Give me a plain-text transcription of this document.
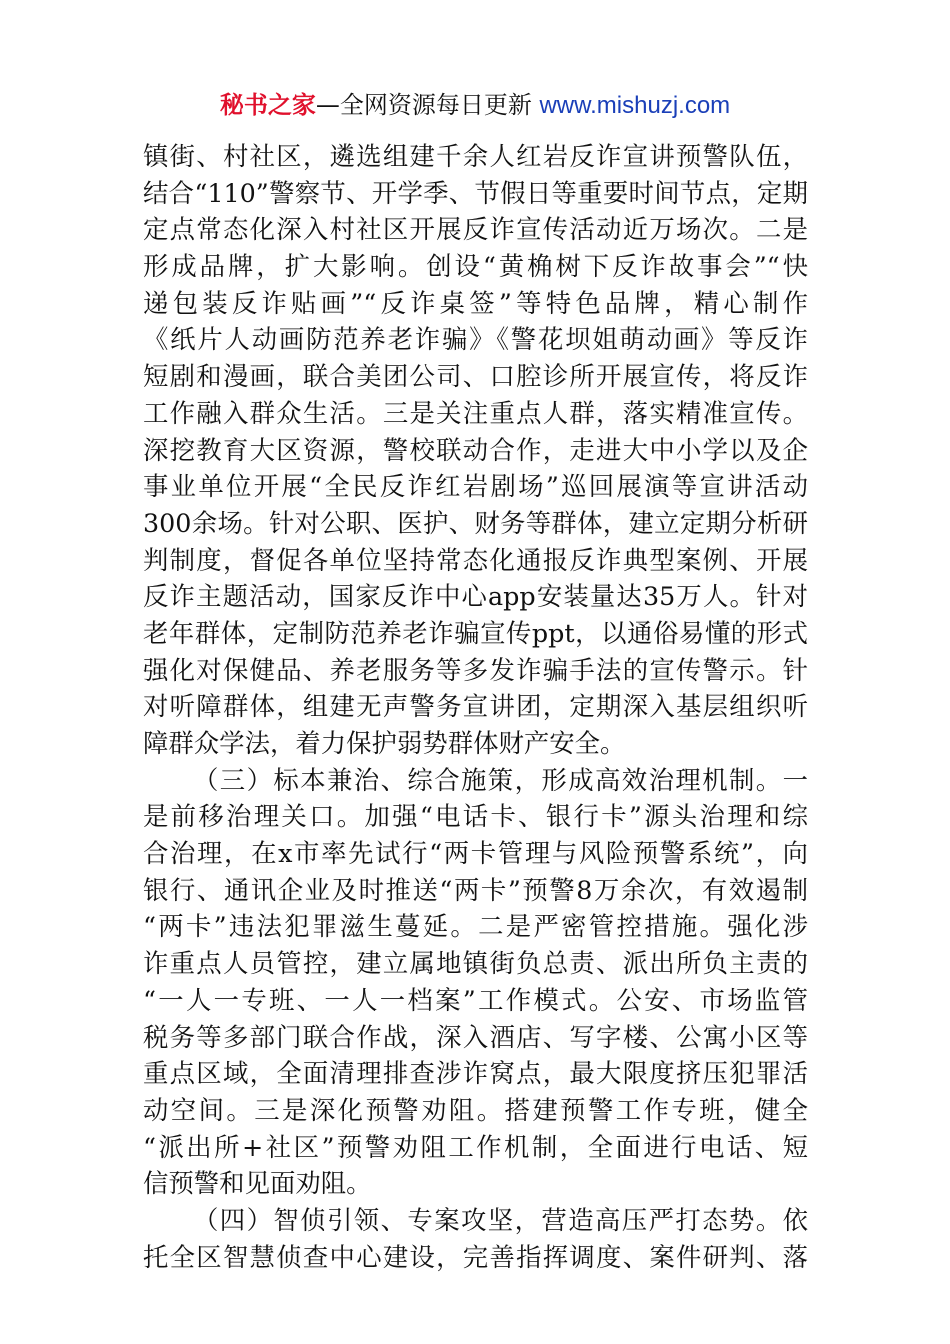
秘书之家—全网资源每日更新 www.mishuzj.com
镇街、村社区，遴选组建千余人红岩反诈宣讲预警队伍，
结合“110”警察节、开学季、节假日等重要时间节点，定期
定点常态化深入村社区开展反诈宣传活动近万场次。二是
形成品牌，扩大影响。创设“黄桷树下反诈故事会”“快
递包装反诈贴画”“反诈桌签”等特色品牌，精心制作
《纸片人动画防范养老诈骗》《警花坝姐萌动画》等反诈
短剧和漫画，联合美团公司、口腔诊所开展宣传，将反诈
工作融入群众生活。三是关注重点人群，落实精准宣传。
深挖教育大区资源，警校联动合作，走进大中小学以及企
事业单位开展“全民反诈红岩剧场”巡回展演等宣讲活动
300余场。针对公职、医护、财务等群体，建立定期分析研
判制度，督促各单位坚持常态化通报反诈典型案例、开展
反诈主题活动，国家反诈中心app安装量达35万人。针对
老年群体，定制防范养老诈骗宣传ppt，以通俗易懂的形式
强化对保健品、养老服务等多发诈骗手法的宣传警示。针
对听障群体，组建无声警务宣讲团，定期深入基层组织听
障群众学法，着力保护弱势群体财产安全。
（三）标本兼治、综合施策，形成高效治理机制。一
是前移治理关口。加强“电话卡、银行卡”源头治理和综
合治理，在x市率先试行“两卡管理与风险预警系统”，向
银行、通讯企业及时推送“两卡”预警8万余次，有效遏制
“两卡”违法犯罪滋生蔓延。二是严密管控措施。强化涉
诈重点人员管控，建立属地镇街负总责、派出所负主责的
“一人一专班、一人一档案”工作模式。公安、市场监管
税务等多部门联合作战，深入酒店、写字楼、公寓小区等
重点区域，全面清理排查涉诈窝点，最大限度挤压犯罪活
动空间。三是深化预警劝阻。搭建预警工作专班，健全
“派出所+社区”预警劝阻工作机制，全面进行电话、短
信预警和见面劝阻。
（四）智侦引领、专案攻坚，营造高压严打态势。依
托全区智慧侦查中心建设，完善指挥调度、案件研判、落
